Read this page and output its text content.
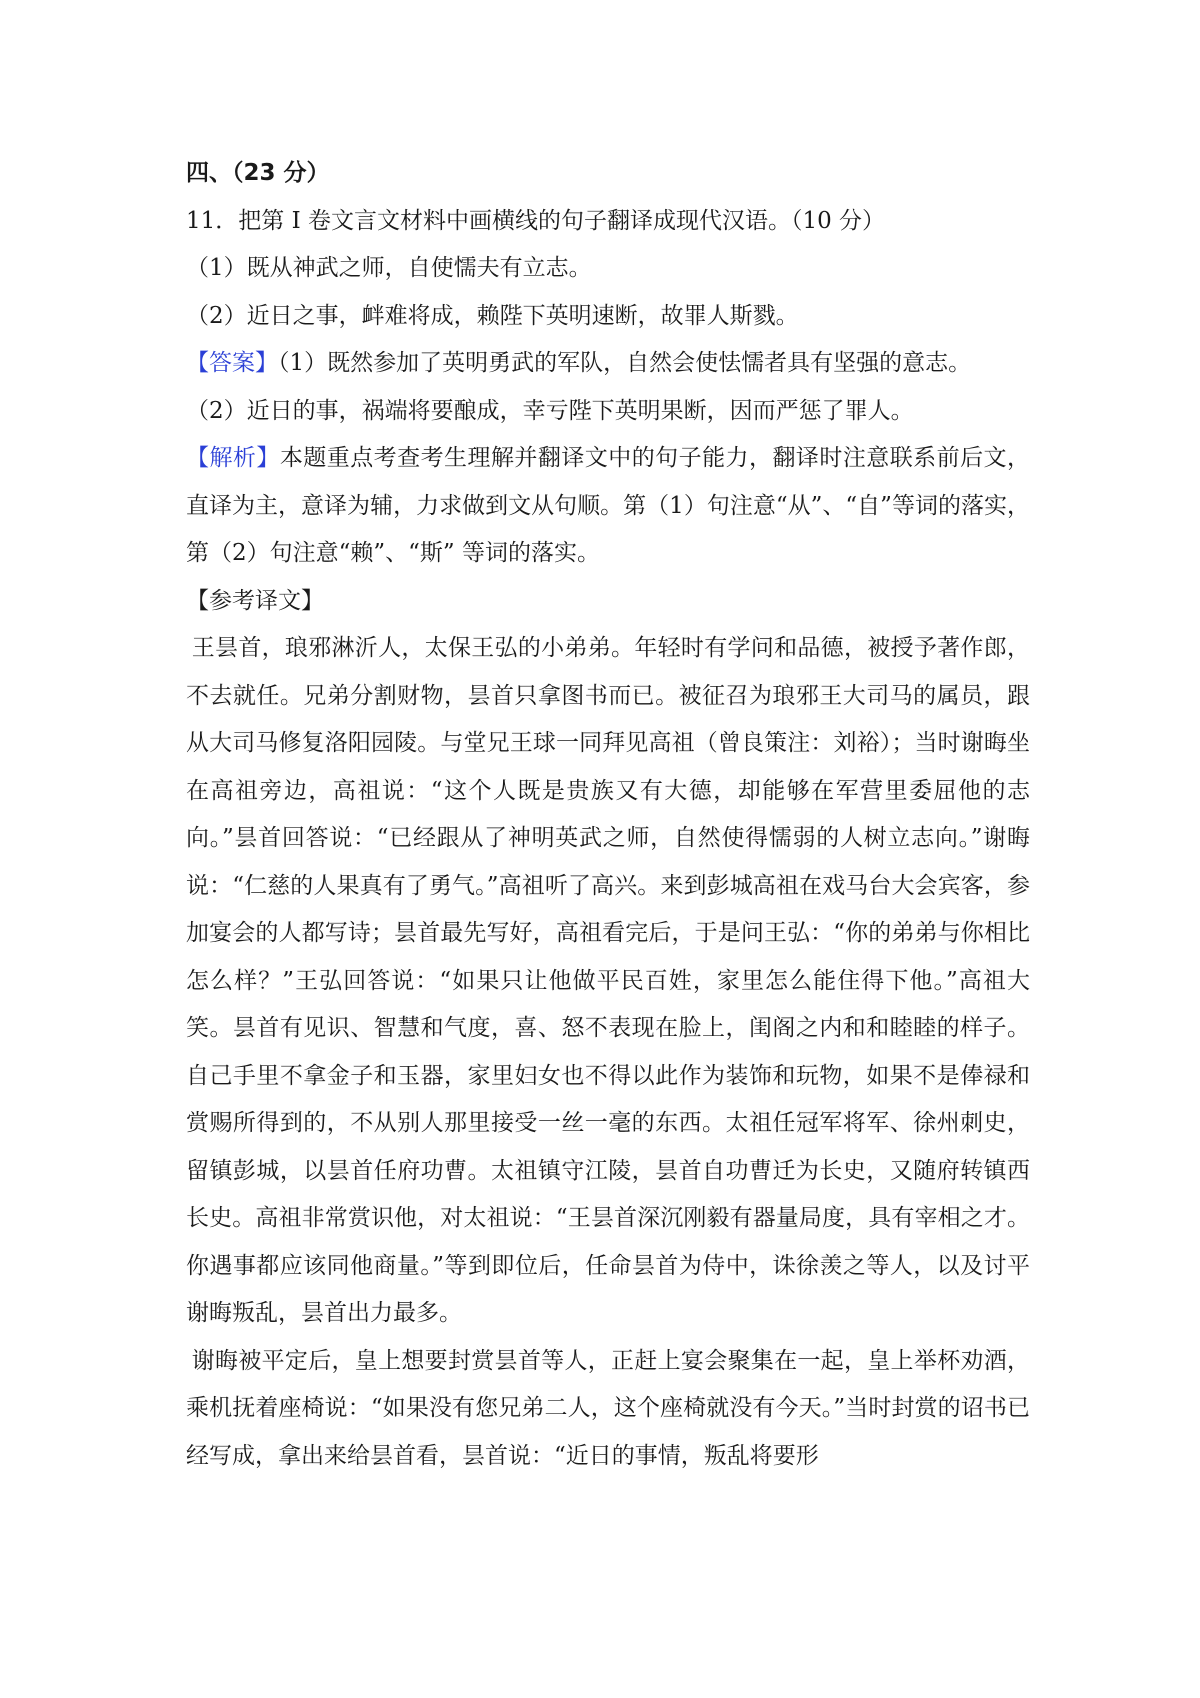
四、（23 分）

11．把第 I 卷文言文材料中画横线的句子翻译成现代汉语。（10 分）

（1）既从神武之师，自使懦夫有立志。

（2）近日之事，衅难将成，赖陛下英明速断，故罪人斯戮。

【答案】（1）既然参加了英明勇武的军队，自然会使怯懦者具有坚强的意志。

（2）近日的事，祸端将要酿成，幸亏陛下英明果断，因而严惩了罪人。

【解析】本题重点考查考生理解并翻译文中的句子能力，翻译时注意联系前后文，直译为主，意译为辅，力求做到文从句顺。第（1）句注意“从”、“自”等词的落实，第（2）句注意“赖”、“斯” 等词的落实。

【参考译文】

王昙首，琅邪淋沂人，太保王弘的小弟弟。年轻时有学问和品德，被授予著作郎，不去就任。兄弟分割财物，昙首只拿图书而已。被征召为琅邪王大司马的属员，跟从大司马修复洛阳园陵。与堂兄王球一同拜见高祖（曾良策注：刘裕）；当时谢晦坐在高祖旁边，高祖说：“这个人既是贵族又有大德，却能够在军营里委屈他的志向。”昙首回答说：“已经跟从了神明英武之师，自然使得懦弱的人树立志向。”谢晦说：“仁慈的人果真有了勇气。”高祖听了高兴。来到彭城高祖在戏马台大会宾客，参加宴会的人都写诗；昙首最先写好，高祖看完后，于是问王弘：“你的弟弟与你相比怎么样？”王弘回答说：“如果只让他做平民百姓，家里怎么能住得下他。”高祖大笑。昙首有见识、智慧和气度，喜、怒不表现在脸上，闺阁之内和和睦睦的样子。自己手里不拿金子和玉器，家里妇女也不得以此作为装饰和玩物，如果不是俸禄和赏赐所得到的，不从别人那里接受一丝一毫的东西。太祖任冠军将军、徐州刺史，留镇彭城，以昙首任府功曹。太祖镇守江陵，昙首自功曹迁为长史，又随府转镇西长史。高祖非常赏识他，对太祖说：“王昙首深沉刚毅有器量局度，具有宰相之才。你遇事都应该同他商量。”等到即位后，任命昙首为侍中，诛徐羡之等人，以及讨平谢晦叛乱，昙首出力最多。

谢晦被平定后，皇上想要封赏昙首等人，正赶上宴会聚集在一起，皇上举杯劝酒，乘机抚着座椅说：“如果没有您兄弟二人，这个座椅就没有今天。”当时封赏的诏书已经写成，拿出来给昙首看，昙首说：“近日的事情，叛乱将要形
